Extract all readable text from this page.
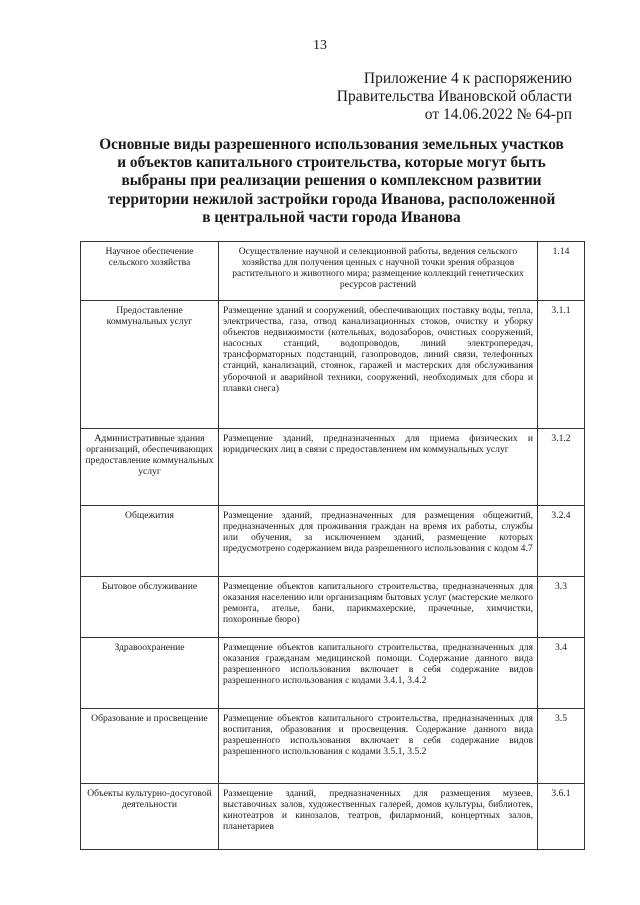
13
Приложение 4 к распоряжению
Правительства Ивановской области
от 14.06.2022 № 64-рп
Основные виды разрешенного использования земельных участков
и объектов капитального строительства, которые могут быть
выбраны при реализации решения о комплексном развитии
территории нежилой застройки города Иванова, расположенной
в центральной части города Иванова
Научное обеспечение сельского хозяйства	Осуществление научной и селекционной работы, ведения сельского хозяйства для получения ценных с научной точки зрения образцов растительного и животного мира; размещение коллекций генетических ресурсов растений	1.14
Предоставление коммунальных услуг	Размещение зданий и сооружений, обеспечивающих поставку воды, тепла, электричества, газа, отвод канализационных стоков, очистку и уборку объектов недвижимости (котельных, водозаборов, очистных сооружений, насосных станций, водопроводов, линий электропередач, трансформаторных подстанций, газопроводов, линий связи, телефонных станций, канализаций, стоянок, гаражей и мастерских для обслуживания уборочной и аварийной техники, сооружений, необходимых для сбора и плавки снега)	3.1.1
Административные здания организаций, обеспечивающих предоставление коммунальных услуг	Размещение зданий, предназначенных для приема физических и юридических лиц в связи с предоставлением им коммунальных услуг	3.1.2
Общежития	Размещение зданий, предназначенных для размещения общежитий, предназначенных для проживания граждан на время их работы, службы или обучения, за исключением зданий, размещение которых предусмотрено содержанием вида разрешенного использования с кодом 4.7	3.2.4
Бытовое обслуживание	Размещение объектов капитального строительства, предназначенных для оказания населению или организациям бытовых услуг (мастерские мелкого ремонта, ателье, бани, парикмахерские, прачечные, химчистки, похоронные бюро)	3.3
Здравоохранение	Размещение объектов капитального строительства, предназначенных для оказания гражданам медицинской помощи. Содержание данного вида разрешенного использования включает в себя содержание видов разрешенного использования с кодами 3.4.1, 3.4.2	3.4
Образование и просвещение	Размещение объектов капитального строительства, предназначенных для воспитания, образования и просвещения. Содержание данного вида разрешенного использования включает в себя содержание видов разрешенного использования с кодами 3.5.1, 3.5.2	3.5
Объекты культурно-досуговой деятельности	Размещение зданий, предназначенных для размещения музеев, выставочных залов, художественных галерей, домов культуры, библиотек, кинотеатров и кинозалов, театров, филармоний, концертных залов, планетариев	3.6.1
